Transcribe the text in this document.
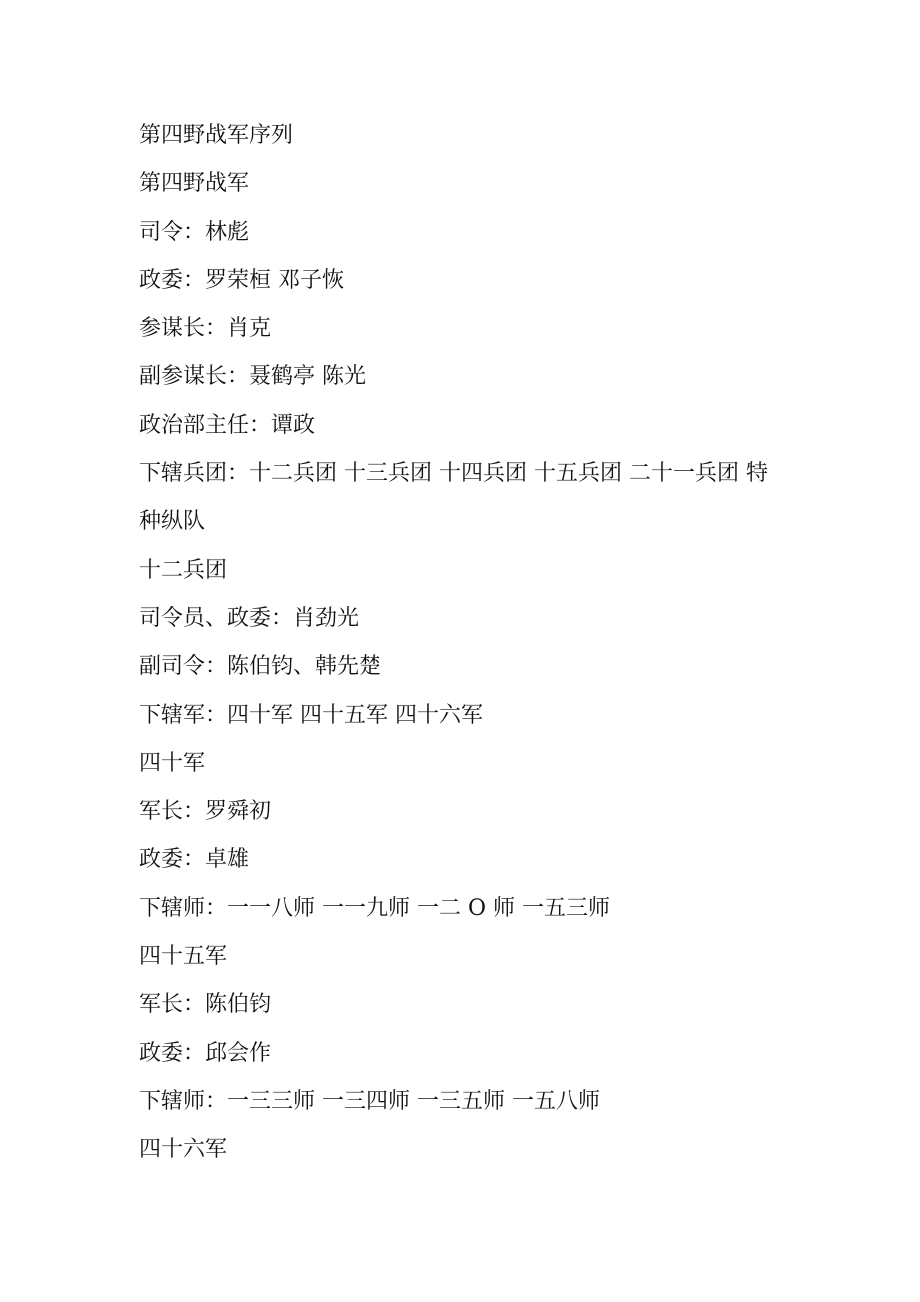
第四野战军序列
第四野战军
司令：林彪
政委：罗荣桓 邓子恢
参谋长：肖克
副参谋长：聂鹤亭 陈光
政治部主任：谭政
下辖兵团：十二兵团 十三兵团 十四兵团 十五兵团 二十一兵团 特
种纵队
十二兵团
司令员、政委：肖劲光
副司令：陈伯钧、韩先楚
下辖军：四十军 四十五军 四十六军
四十军
军长：罗舜初
政委：卓雄
下辖师：一一八师 一一九师 一二 O 师 一五三师
四十五军
军长：陈伯钧
政委：邱会作
下辖师：一三三师 一三四师 一三五师 一五八师
四十六军
